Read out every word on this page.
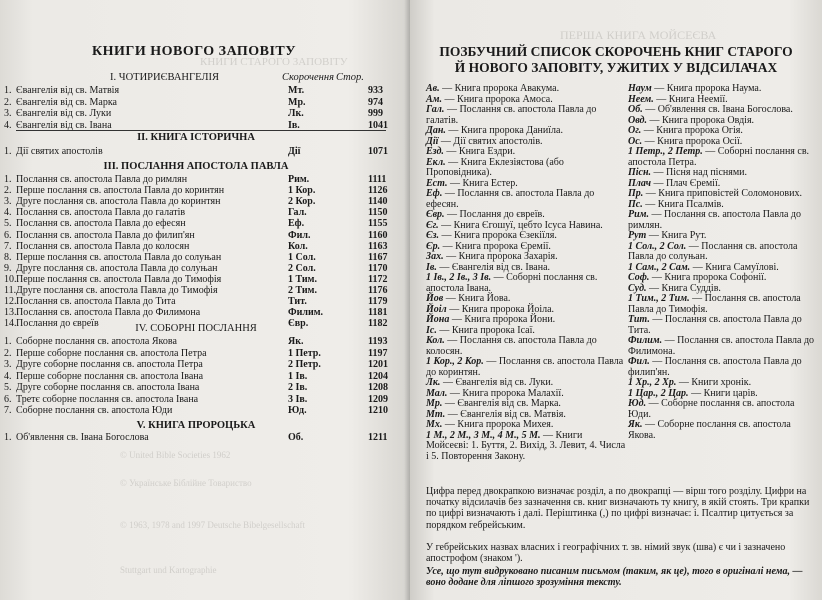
КНИГИ НОВОГО ЗАПОВІТУ
I. ЧОТИРИЄВАНГЕЛІЯ	Скорочення Стор.
1. Євангелія від св. Матвія	Мт.	933
2. Євангелія від св. Марка	Мр.	974
3. Євангелія від св. Луки	Лк.	999
4. Євангелія від св. Івана	Ів.	1041
II. КНИГА ІСТОРИЧНА
1. Дії святих апостолів	Дії	1071
III. ПОСЛАННЯ АПОСТОЛА ПАВЛА
1. Послання св. апостола Павла до римлян	Рим.	1111
2. Перше послання св. апостола Павла до коринтян	1 Кор.	1126
3. Друге послання св. апостола Павла до коринтян	2 Кор.	1140
4. Послання св. апостола Павла до галатів	Гал.	1150
5. Послання св. апостола Павла до ефесян	Еф.	1155
6. Послання св. апостола Павла до филип'ян	Фил.	1160
7. Послання св. апостола Павла до колосян	Кол.	1163
8. Перше послання св. апостола Павла до солуњан	1 Сол.	1167
9. Друге послання св. апостола Павла до солуњан	2 Сол.	1170
10. Перше послання св. апостола Павла до Тимофія	1 Тим.	1172
11. Друге послання св. апостола Павла до Тимофія	2 Тим.	1176
12. Послання св. апостола Павла до Тита	Тит.	1179
13. Послання св. апостола Павла до Филимона	Филим.	1181
14. Послання до євреїв	Євр.	1182
IV. СОБОРНІ ПОСЛАННЯ
1. Соборне послання св. апостола Якова	Як.	1193
2. Перше соборне послання св. апостола Петра	1 Петр.	1197
3. Друге соборне послання св. апостола Петра	2 Петр.	1201
4. Перше соборне послання св. апостола Івана	1 Ів.	1204
5. Друге соборне послання св. апостола Івана	2 Ів.	1208
6. Третє соборне послання св. апостола Івана	3 Ів.	1209
7. Соборне послання св. апостола Юди	Юд.	1210
V. КНИГА ПРОРОЦЬКА
1. Об'явлення св. Івана Богослова	Об.	1211
КНИГИ СТАРОГО ЗАПОВІТУ
© United Bible Societies 1962
© Українське Біблійне Товариство
© 1963, 1978 and 1997 Deutsche Bibelgesellschaft
Stuttgart und Kartographie
ПОЗБУЧНИЙ СПИСОК СКОРОЧЕНЬ КНИГ СТАРОГО
Й НОВОГО ЗАПОВІТУ, УЖИТИХ У ВІДСИЛАЧАХ
Ав. — Книга пророка Авакума.
Ам. — Книга пророка Амоса.
Гал. — Послання св. апостола Павла до галатів.
Дан. — Книга пророка Даниїла.
Дії — Дії святих апостолів.
Езд. — Книга Ездри.
Екл. — Книга Еклезіястова (або Проповідника).
Ест. — Книга Естер.
Еф. — Послання св. апостола Павла до ефесян.
Євр. — Послання до євреїв.
Єг. — Книга Єгошуї, цебто Ісуса Навина.
Єз. — Книга пророка Єзекіїля.
Єр. — Книга пророка Єремії.
Зах. — Книга пророка Захарія.
Ів. — Євангелія від св. Івана.
1 Ів., 2 Ів., 3 Ів. — Соборні послання св. апостола Івана.
Йов — Книга Йова.
Йоіл — Книга пророка Йоіла.
Йона — Книга пророка Йони.
Іс. — Книга пророка Ісаї.
Кол. — Послання св. апостола Павла до колосян.
1 Кор., 2 Кор. — Послання св. апостола Павла до коринтян.
Лк. — Євангелія від св. Луки.
Мал. — Книга пророка Малахії.
Мр. — Євангелія від св. Марка.
Мт. — Євангелія від св. Матвія.
Мх. — Книга пророка Михея.
1 М., 2 М., 3 М., 4 М., 5 М. — Книги Мойсеєві: 1. Буття, 2. Вихід, 3. Левит, 4. Числа і 5. Повторення Закону.
Наум — Книга пророка Наума.
Неем. — Книга Неемії.
Об. — Об'явлення св. Івана Богослова.
Овд. — Книга пророка Овдія.
Ог. — Книга пророка Огія.
Ос. — Книга пророка Осії.
1 Петр., 2 Петр. — Соборні послання св. апостола Петра.
Пісн. — Пісня над піснями.
Плач — Плач Єремії.
Пр. — Книга приповістей Соломонових.
Пс. — Книга Псалмів.
Рим. — Послання св. апостола Павла до римлян.
Рут — Книга Рут.
1 Сол., 2 Сол. — Послання св. апостола Павла до солуњан.
1 Сам., 2 Сам. — Книга Самуїлові.
Соф. — Книга пророка Софонії.
Суд. — Книга Суддів.
1 Тим., 2 Тим. — Послання св. апостола Павла до Тимофія.
Тит. — Послання св. апостола Павла до Тита.
Филим. — Послання св. апостола Павла до Филимона.
Фил. — Послання св. апостола Павла до филип'ян.
1 Хр., 2 Хр. — Книги хронік.
1 Цар., 2 Цар. — Книги царів.
Юд. — Соборне послання св. апостола Юди.
Як. — Соборне послання св. апостола Якова.
Цифра перед двокрапкою визначає розділ, а по двокрапці — вірш того розділу. Цифри на початку відсилачів без зазначення св. книг визначають ту книгу, в якій стоять. Три крапки по цифрі визначають і далі. Періштинка (,) по цифрі визначає: і. Псалтир цитується за порядком гебрейським.
У гебрейських назвах власних і географічних т. зв. німий звук (шва) є чи і зазначено апострофом (знаком ').
Усе, що тут видруковано писаним письмом (таким, як це), того в оригіналі нема, — воно додане для ліпшого зрозуміння тексту.
ПЕРША КНИГА МОЙСЕЄВА
